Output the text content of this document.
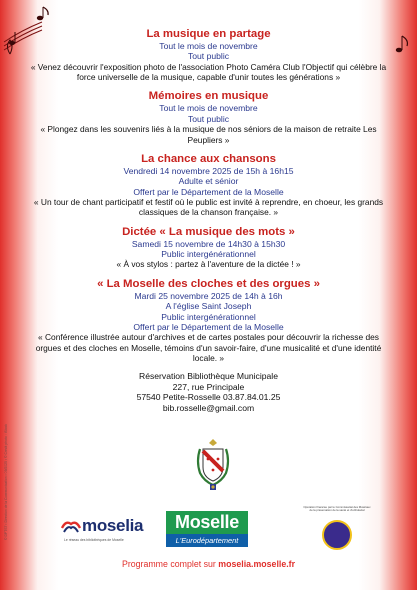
© DPTS7 • Direction de la Communication • 09/2025 • © Crédit photo : iStock
La musique en partage
Tout le mois de novembre
Tout public
« Venez découvrir l'exposition photo de l'association Photo Caméra Club l'Objectif qui célèbre la force universelle de la musique, capable d'unir toutes les générations »
Mémoires en musique
Tout le mois de novembre
Tout public
« Plongez dans les souvenirs liés à la musique de nos séniors de la maison de retraite Les Peupliers »
La chance aux chansons
Vendredi 14 novembre 2025 de 15h à 16h15
Adulte et sénior
Offert par le Département de la Moselle
« Un tour de chant participatif et festif où le public est invité à reprendre, en choeur, les grands classiques de la chanson française. »
Dictée « La musique des mots »
Samedi 15 novembre de 14h30 à 15h30
Public intergénérationnel
« À vos stylos : partez à l'aventure de la dictée ! »
« La Moselle des cloches et des orgues »
Mardi 25 novembre 2025 de 14h à 16h
A l'église Saint Joseph
Public intergénérationnel
Offert par le Département de la Moselle
« Conférence illustrée autour d'archives et de cartes postales pour découvrir la richesse des orgues et des cloches en Moselle, témoins d'un savoir-faire, d'une musicalité et d'une identité locale. »
Réservation Bibliothèque Municipale
227, rue Principale
57540 Petite-Rosselle 03.87.84.01.25
bib.rosselle@gmail.com
moselia
Le réseau des bibliothèques de Moselle
Moselle
L'Eurodépartement
Opération financée par le Commissariat des Musicaux de la préservation de la santé et d'ortholarial
Programme complet sur moselia.moselle.fr
